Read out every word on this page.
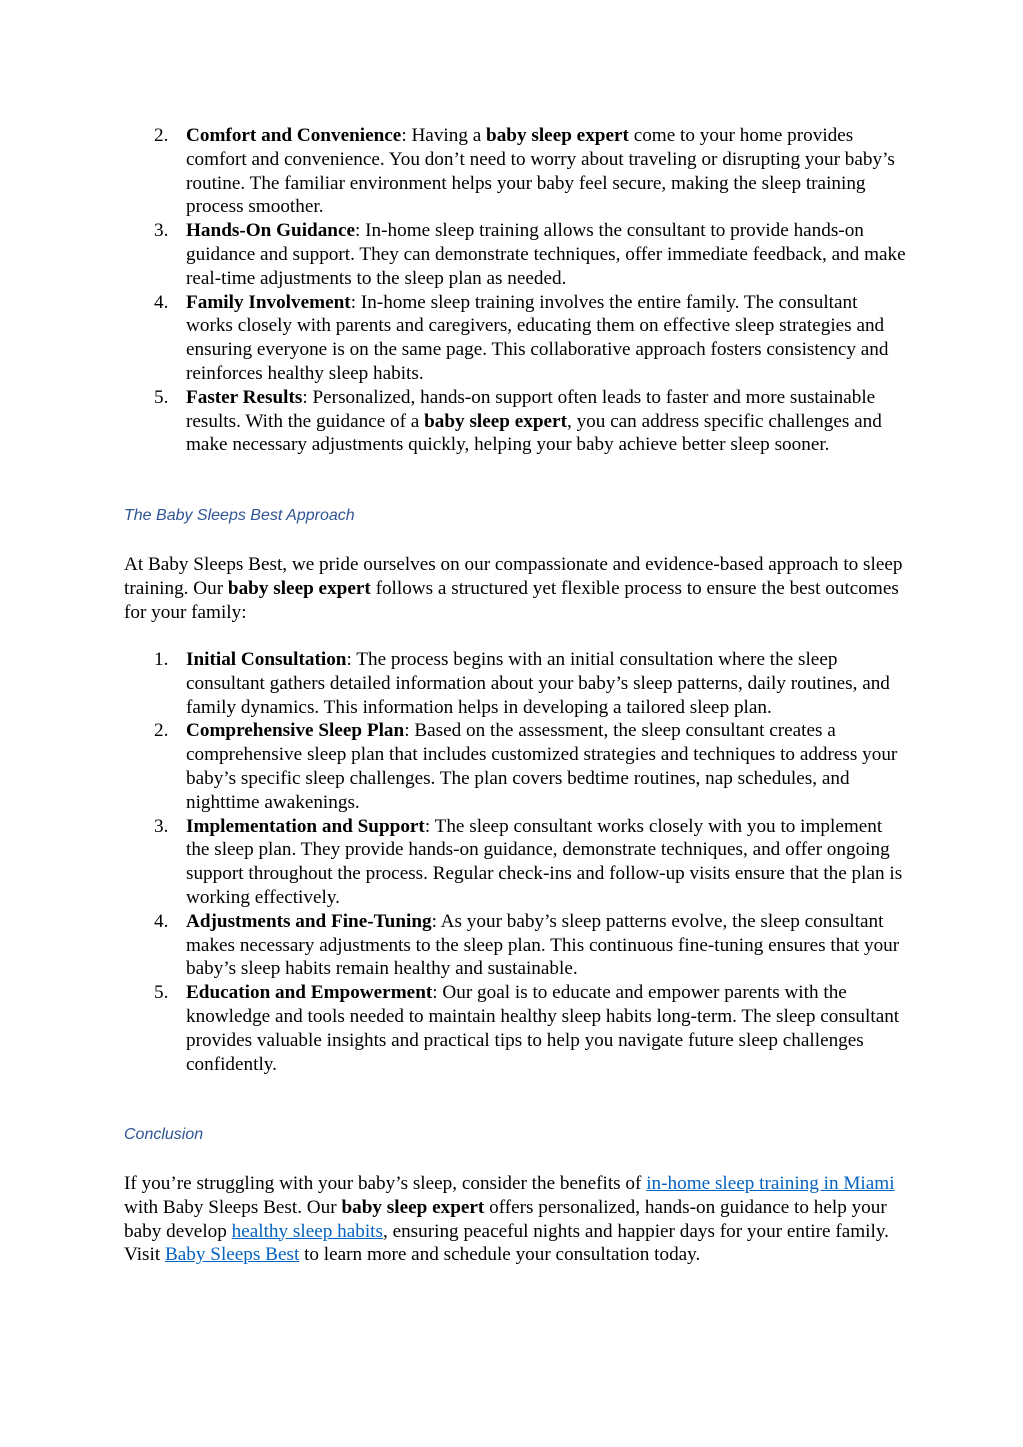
2. Comfort and Convenience: Having a baby sleep expert come to your home provides comfort and convenience. You don’t need to worry about traveling or disrupting your baby’s routine. The familiar environment helps your baby feel secure, making the sleep training process smoother.
3. Hands-On Guidance: In-home sleep training allows the consultant to provide hands-on guidance and support. They can demonstrate techniques, offer immediate feedback, and make real-time adjustments to the sleep plan as needed.
4. Family Involvement: In-home sleep training involves the entire family. The consultant works closely with parents and caregivers, educating them on effective sleep strategies and ensuring everyone is on the same page. This collaborative approach fosters consistency and reinforces healthy sleep habits.
5. Faster Results: Personalized, hands-on support often leads to faster and more sustainable results. With the guidance of a baby sleep expert, you can address specific challenges and make necessary adjustments quickly, helping your baby achieve better sleep sooner.
The Baby Sleeps Best Approach

At Baby Sleeps Best, we pride ourselves on our compassionate and evidence-based approach to sleep training. Our baby sleep expert follows a structured yet flexible process to ensure the best outcomes for your family:

1. Initial Consultation: The process begins with an initial consultation where the sleep consultant gathers detailed information about your baby’s sleep patterns, daily routines, and family dynamics. This information helps in developing a tailored sleep plan.
2. Comprehensive Sleep Plan: Based on the assessment, the sleep consultant creates a comprehensive sleep plan that includes customized strategies and techniques to address your baby’s specific sleep challenges. The plan covers bedtime routines, nap schedules, and nighttime awakenings.
3. Implementation and Support: The sleep consultant works closely with you to implement the sleep plan. They provide hands-on guidance, demonstrate techniques, and offer ongoing support throughout the process. Regular check-ins and follow-up visits ensure that the plan is working effectively.
4. Adjustments and Fine-Tuning: As your baby’s sleep patterns evolve, the sleep consultant makes necessary adjustments to the sleep plan. This continuous fine-tuning ensures that your baby’s sleep habits remain healthy and sustainable.
5. Education and Empowerment: Our goal is to educate and empower parents with the knowledge and tools needed to maintain healthy sleep habits long-term. The sleep consultant provides valuable insights and practical tips to help you navigate future sleep challenges confidently.
Conclusion

If you’re struggling with your baby’s sleep, consider the benefits of in-home sleep training in Miami with Baby Sleeps Best. Our baby sleep expert offers personalized, hands-on guidance to help your baby develop healthy sleep habits, ensuring peaceful nights and happier days for your entire family. Visit Baby Sleeps Best to learn more and schedule your consultation today.
